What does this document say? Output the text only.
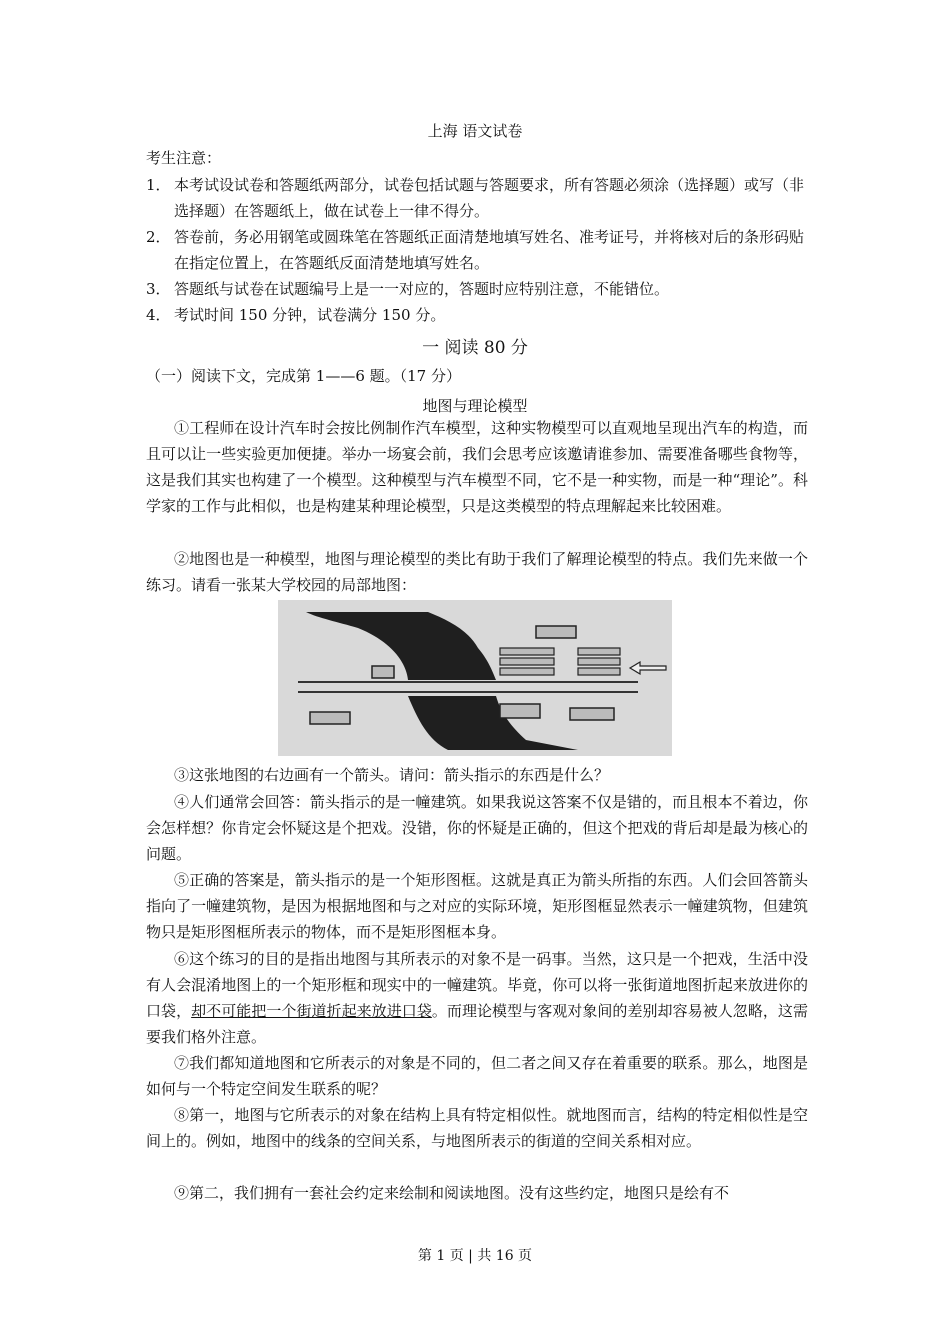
上海 语文试卷
考生注意：
1． 本考试设试卷和答题纸两部分，试卷包括试题与答题要求，所有答题必须涂（选择题）或写（非选择题）在答题纸上，做在试卷上一律不得分。
2． 答卷前，务必用钢笔或圆珠笔在答题纸正面清楚地填写姓名、准考证号，并将核对后的条形码贴在指定位置上，在答题纸反面清楚地填写姓名。
3． 答题纸与试卷在试题编号上是一一对应的，答题时应特别注意，不能错位。
4． 考试时间 150 分钟，试卷满分 150 分。
一 阅读 80 分
（一）阅读下文，完成第 1——6 题。（17 分）
地图与理论模型
①工程师在设计汽车时会按比例制作汽车模型，这种实物模型可以直观地呈现出汽车的构造，而且可以让一些实验更加便捷。举办一场宴会前，我们会思考应该邀请谁参加、需要准备哪些食物等，这是我们其实也构建了一个模型。这种模型与汽车模型不同，它不是一种实物，而是一种“理论”。科学家的工作与此相似，也是构建某种理论模型，只是这类模型的特点理解起来比较困难。
②地图也是一种模型，地图与理论模型的类比有助于我们了解理论模型的特点。我们先来做一个练习。请看一张某大学校园的局部地图：
③这张地图的右边画有一个箭头。请问：箭头指示的东西是什么？
④人们通常会回答：箭头指示的是一幢建筑。如果我说这答案不仅是错的，而且根本不着边，你会怎样想？你肯定会怀疑这是个把戏。没错，你的怀疑是正确的，但这个把戏的背后却是最为核心的问题。
⑤正确的答案是，箭头指示的是一个矩形图框。这就是真正为箭头所指的东西。人们会回答箭头指向了一幢建筑物，是因为根据地图和与之对应的实际环境，矩形图框显然表示一幢建筑物，但建筑物只是矩形图框所表示的物体，而不是矩形图框本身。
⑥这个练习的目的是指出地图与其所表示的对象不是一码事。当然，这只是一个把戏，生活中没有人会混淆地图上的一个矩形框和现实中的一幢建筑。毕竟，你可以将一张街道地图折起来放进你的口袋，却不可能把一个街道折起来放进口袋。而理论模型与客观对象间的差别却容易被人忽略，这需要我们格外注意。
⑦我们都知道地图和它所表示的对象是不同的，但二者之间又存在着重要的联系。那么，地图是如何与一个特定空间发生联系的呢？
⑧第一，地图与它所表示的对象在结构上具有特定相似性。就地图而言，结构的特定相似性是空间上的。例如，地图中的线条的空间关系，与地图所表示的街道的空间关系相对应。
⑨第二，我们拥有一套社会约定来绘制和阅读地图。没有这些约定，地图只是绘有不
第 1 页 | 共 16 页
